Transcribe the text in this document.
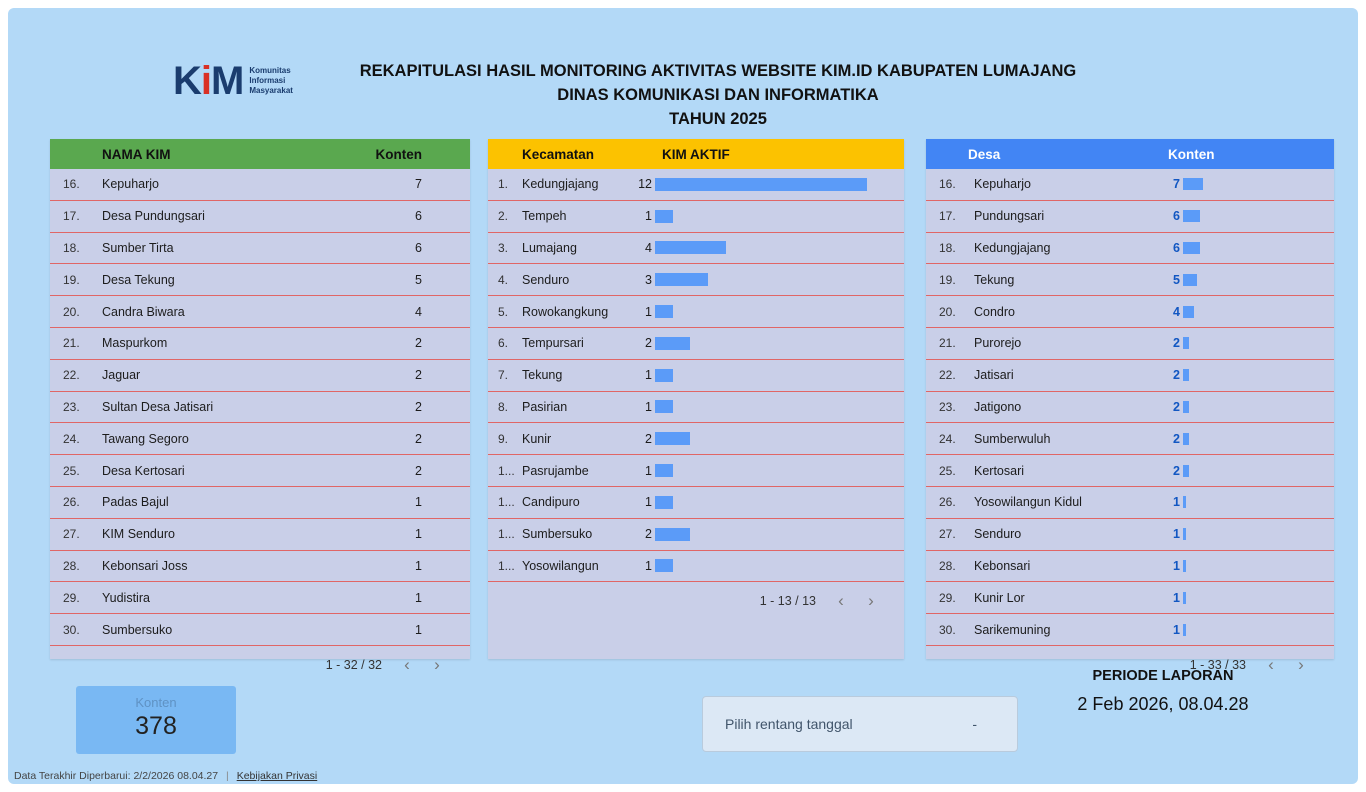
KiM Komunitas
Informasi
Masyarakat
REKAPITULASI HASIL MONITORING AKTIVITAS WEBSITE KIM.ID KABUPATEN LUMAJANG
DINAS KOMUNIKASI DAN INFORMATIKA
TAHUN 2025
NAMA KIM	Konten
16.	Kepuharjo	7
17.	Desa Pundungsari	6
18.	Sumber Tirta	6
19.	Desa Tekung	5
20.	Candra Biwara	4
21.	Maspurkom	2
22.	Jaguar	2
23.	Sultan Desa Jatisari	2
24.	Tawang Segoro	2
25.	Desa Kertosari	2
26.	Padas Bajul	1
27.	KIM Senduro	1
28.	Kebonsari Joss	1
29.	Yudistira	1
30.	Sumbersuko	1
1 - 32 / 32	‹	›
Kecamatan	KIM AKTIF
1.	Kedungjajang	12
2.	Tempeh	1
3.	Lumajang	4
4.	Senduro	3
5.	Rowokangkung	1
6.	Tempursari	2
7.	Tekung	1
8.	Pasirian	1
9.	Kunir	2
1... Pasrujambe	1
1... Candipuro	1
1... Sumbersuko	2
1... Yosowilangun	1
1 - 13 / 13	‹	›
Desa	Konten
16.	Kepuharjo	7
17.	Pundungsari	6
18.	Kedungjajang	6
19.	Tekung	5
20.	Condro	4
21.	Purorejo	2
22.	Jatisari	2
23.	Jatigono	2
24.	Sumberwuluh	2
25.	Kertosari	2
26.	Yosowilangun Kidul	1
27.	Senduro	1
28.	Kebonsari	1
29.	Kunir Lor	1
30.	Sarikemuning	1
1 - 33 / 33	‹	›
Konten
378	Pilih rentang tanggal	-
PERIODE LAPORAN
2 Feb 2026, 08.04.28
Data Terakhir Diperbarui: 2/2/2026 08.04.27 | Kebijakan Privasi
